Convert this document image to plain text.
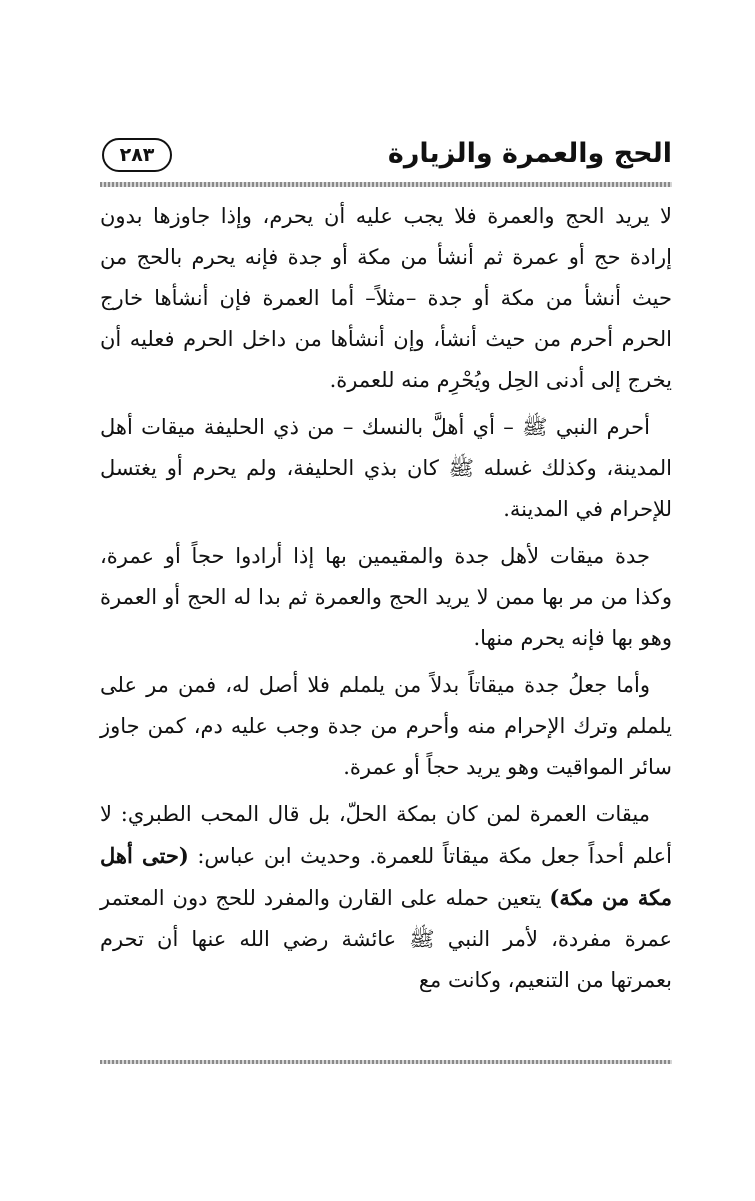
الحج والعمرة والزيارة
٢٨٣

لا يريد الحج والعمرة فلا يجب عليه أن يحرم، وإذا جاوزها بدون إرادة حج أو عمرة ثم أنشأ من مكة أو جدة فإنه يحرم بالحج من حيث أنشأ من مكة أو جدة –مثلاً– أما العمرة فإن أنشأها خارج الحرم أحرم من حيث أنشأ، وإن أنشأها من داخل الحرم فعليه أن يخرج إلى أدنى الحِل ويُحْرِم منه للعمرة.

أحرم النبي ﷺ – أي أهلَّ بالنسك – من ذي الحليفة ميقات أهل المدينة، وكذلك غسله ﷺ كان بذي الحليفة، ولم يحرم أو يغتسل للإحرام في المدينة.

جدة ميقات لأهل جدة والمقيمين بها إذا أرادوا حجاً أو عمرة، وكذا من مر بها ممن لا يريد الحج والعمرة ثم بدا له الحج أو العمرة وهو بها فإنه يحرم منها.

وأما جعلُ جدة ميقاتاً بدلاً من يلملم فلا أصل له، فمن مر على يلملم وترك الإحرام منه وأحرم من جدة وجب عليه دم، كمن جاوز سائر المواقيت وهو يريد حجاً أو عمرة.

ميقات العمرة لمن كان بمكة الحلّ، بل قال المحب الطبري: لا أعلم أحداً جعل مكة ميقاتاً للعمرة. وحديث ابن عباس: (حتى أهل مكة من مكة) يتعين حمله على القارن والمفرد للحج دون المعتمر عمرة مفردة، لأمر النبي ﷺ عائشة رضي الله عنها أن تحرم بعمرتها من التنعيم، وكانت مع
